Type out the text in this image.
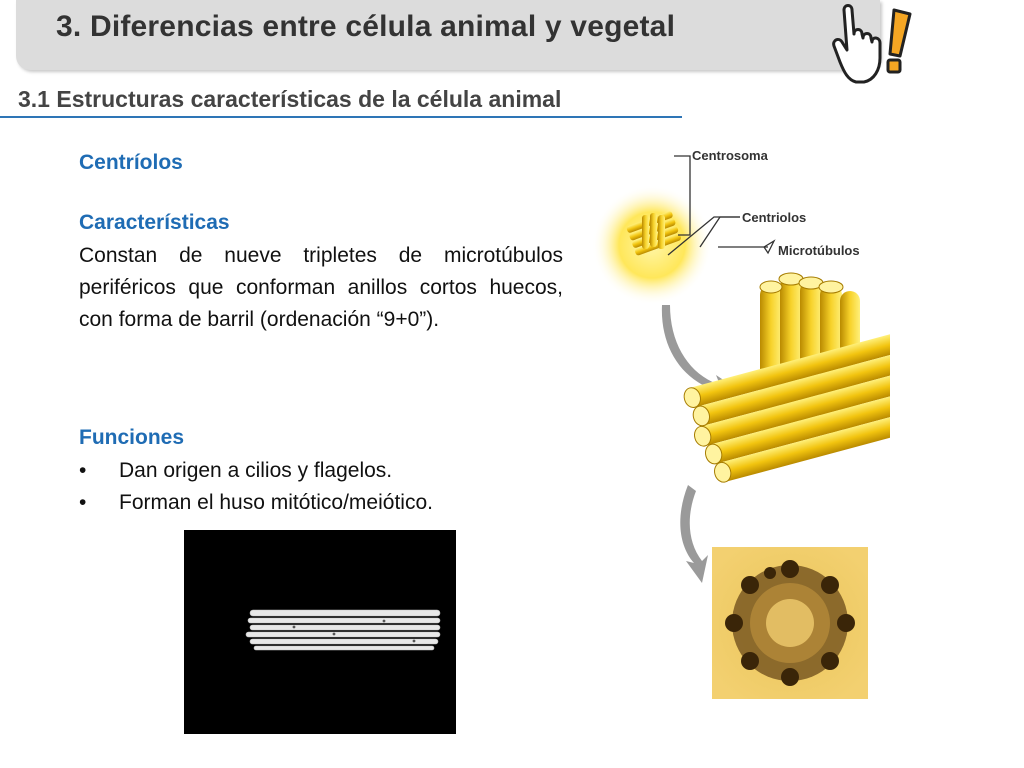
3. Diferencias entre célula animal y vegetal
3.1 Estructuras características de la célula animal
Centríolos
Características
Constan de nueve tripletes de microtúbulos periféricos que conforman anillos cortos huecos, con forma de barril (ordenación “9+0”).
Funciones
• Dan origen a cilios y flagelos.
• Forman el huso mitótico/meiótico.
Centrosoma
Centriolos
Microtúbulos
